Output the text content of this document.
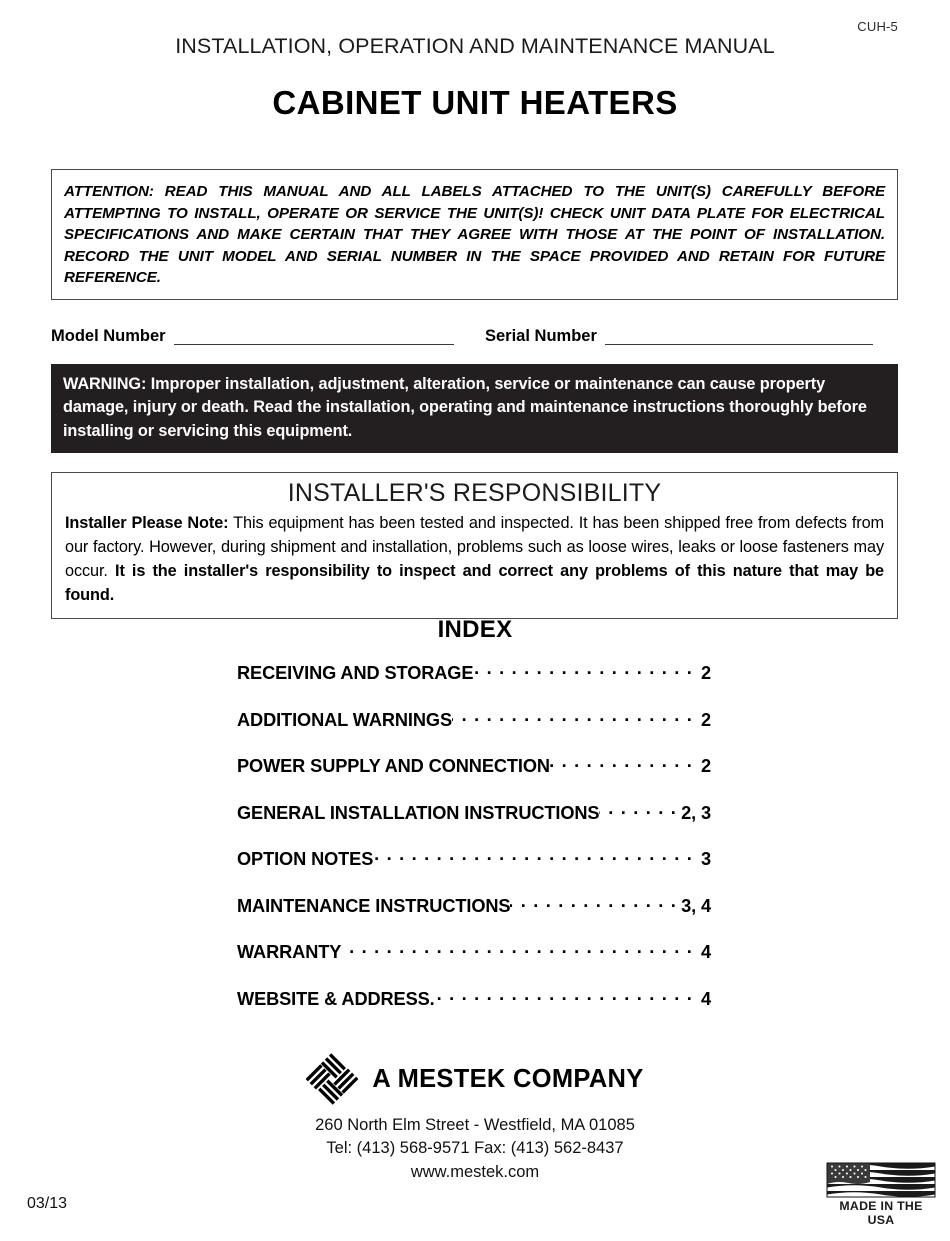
CUH-5
INSTALLATION, OPERATION AND MAINTENANCE MANUAL
CABINET UNIT HEATERS
ATTENTION: READ THIS MANUAL AND ALL LABELS ATTACHED TO THE UNIT(S) CAREFULLY BEFORE ATTEMPTING TO INSTALL, OPERATE OR SERVICE THE UNIT(S)! CHECK UNIT DATA PLATE FOR ELECTRICAL SPECIFICATIONS AND MAKE CERTAIN THAT THEY AGREE WITH THOSE AT THE POINT OF INSTALLATION. RECORD THE UNIT MODEL AND SERIAL NUMBER IN THE SPACE PROVIDED AND RETAIN FOR FUTURE REFERENCE.
Model Number	Serial Number
WARNING: Improper installation, adjustment, alteration, service or maintenance can cause property damage, injury or death. Read the installation, operating and maintenance instructions thoroughly before installing or servicing this equipment.
INSTALLER'S RESPONSIBILITY
Installer Please Note: This equipment has been tested and inspected. It has been shipped free from defects from our factory. However, during shipment and installation, problems such as loose wires, leaks or loose fasteners may occur. It is the installer's responsibility to inspect and correct any problems of this nature that may be found.
INDEX
RECEIVING AND STORAGE . . .	2
ADDITIONAL WARNINGS . . .	2
POWER SUPPLY AND CONNECTION . . .	2
GENERAL INSTALLATION INSTRUCTIONS . . .	2, 3
OPTION NOTES . . .	3
MAINTENANCE INSTRUCTIONS . . .	3, 4
WARRANTY . . .	4
WEBSITE & ADDRESS. . . .	4
A MESTEK COMPANY
260 North Elm Street - Westfield, MA 01085
Tel: (413) 568-9571 Fax: (413) 562-8437
www.mestek.com
03/13	MADE IN THE USA
